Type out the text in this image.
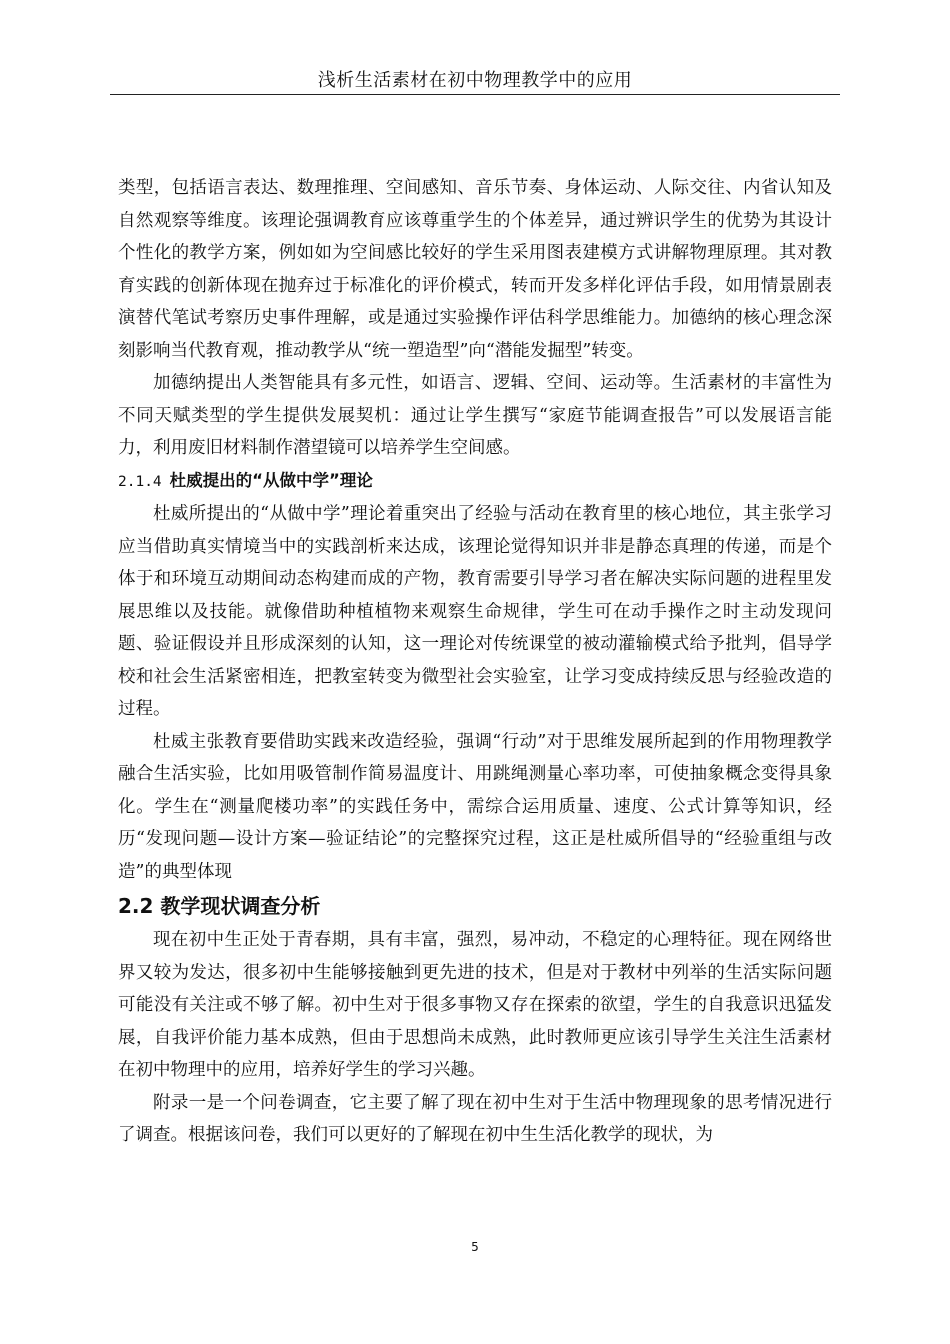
浅析生活素材在初中物理教学中的应用

类型，包括语言表达、数理推理、空间感知、音乐节奏、身体运动、人际交往、内省认知及自然观察等维度。该理论强调教育应该尊重学生的个体差异，通过辨识学生的优势为其设计个性化的教学方案，例如如为空间感比较好的学生采用图表建模方式讲解物理原理。其对教育实践的创新体现在抛弃过于标准化的评价模式，转而开发多样化评估手段，如用情景剧表演替代笔试考察历史事件理解，或是通过实验操作评估科学思维能力。加德纳的核心理念深刻影响当代教育观，推动教学从“统一塑造型”向“潜能发掘型”转变。

加德纳提出人类智能具有多元性，如语言、逻辑、空间、运动等。生活素材的丰富性为不同天赋类型的学生提供发展契机：通过让学生撰写“家庭节能调查报告”可以发展语言能力，利用废旧材料制作潜望镜可以培养学生空间感。

2.1.4 杜威提出的“从做中学”理论

杜威所提出的“从做中学”理论着重突出了经验与活动在教育里的核心地位，其主张学习应当借助真实情境当中的实践剖析来达成，该理论觉得知识并非是静态真理的传递，而是个体于和环境互动期间动态构建而成的产物，教育需要引导学习者在解决实际问题的进程里发展思维以及技能。就像借助种植植物来观察生命规律，学生可在动手操作之时主动发现问题、验证假设并且形成深刻的认知，这一理论对传统课堂的被动灌输模式给予批判，倡导学校和社会生活紧密相连，把教室转变为微型社会实验室，让学习变成持续反思与经验改造的过程。

杜威主张教育要借助实践来改造经验，强调“行动”对于思维发展所起到的作用物理教学融合生活实验，比如用吸管制作简易温度计、用跳绳测量心率功率，可使抽象概念变得具象化。学生在“测量爬楼功率”的实践任务中，需综合运用质量、速度、公式计算等知识，经历“发现问题—设计方案—验证结论”的完整探究过程，这正是杜威所倡导的“经验重组与改造”的典型体现

2.2 教学现状调查分析

现在初中生正处于青春期，具有丰富，强烈，易冲动，不稳定的心理特征。现在网络世界又较为发达，很多初中生能够接触到更先进的技术，但是对于教材中列举的生活实际问题可能没有关注或不够了解。初中生对于很多事物又存在探索的欲望，学生的自我意识迅猛发展，自我评价能力基本成熟，但由于思想尚未成熟，此时教师更应该引导学生关注生活素材在初中物理中的应用，培养好学生的学习兴趣。

附录一是一个问卷调查，它主要了解了现在初中生对于生活中物理现象的思考情况进行了调查。根据该问卷，我们可以更好的了解现在初中生生活化教学的现状，为

5
